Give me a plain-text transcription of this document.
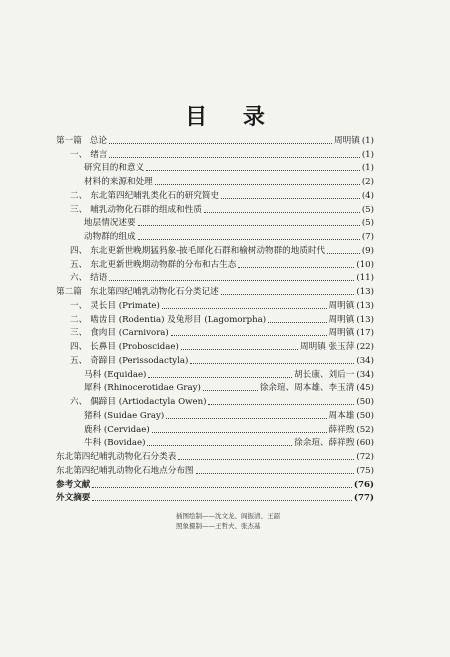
目 录
第一篇 总论	周明镇 (1)
一、 绪言	(1)
研究目的和意义	(1)
材料的来源和处理	(2)
二、 东北第四纪哺乳类化石的研究简史	(4)
三、 哺乳动物化石群的组成和性质	(5)
地层情况述要	(5)
动物群的组成	(7)
四、 东北更新世晚期猛犸象-披毛犀化石群和榆树动物群的地质时代	(9)
五、 东北更新世晚期动物群的分布和古生态	(10)
六、 结语	(11)
第二篇 东北第四纪哺乳动物化石分类记述	(13)
一、 灵长目 (Primate)	周明镇 (13)
二、 啮齿目 (Rodentia) 及兔形目 (Lagomorpha)	周明镇 (13)
三、 食肉目 (Carnivora)	周明镇 (17)
四、 长鼻目 (Proboscidae)	周明镇 张玉萍 (22)
五、 奇蹄目 (Perissodactyla)	(34)
马科 (Equidae)	胡长康、刘后一 (34)
犀科 (Rhinocerotidae Gray)	徐余瑄、周本雄、李玉清 (45)
六、 偶蹄目 (Artiodactyla Owen)	(50)
猪科 (Suidae Gray)	周本雄 (50)
鹿科 (Cervidae)	薛祥煦 (52)
牛科 (Bovidae)	徐余瑄、薛祥煦 (60)
东北第四纪哺乳动物化石分类表	(72)
东北第四纪哺乳动物化石地点分布图	(75)
参考文献	(76)
外文摘要	(77)
插图绘制——沈文龙、阎振清、王韶
照象摄制——王哲夫、张杰基
